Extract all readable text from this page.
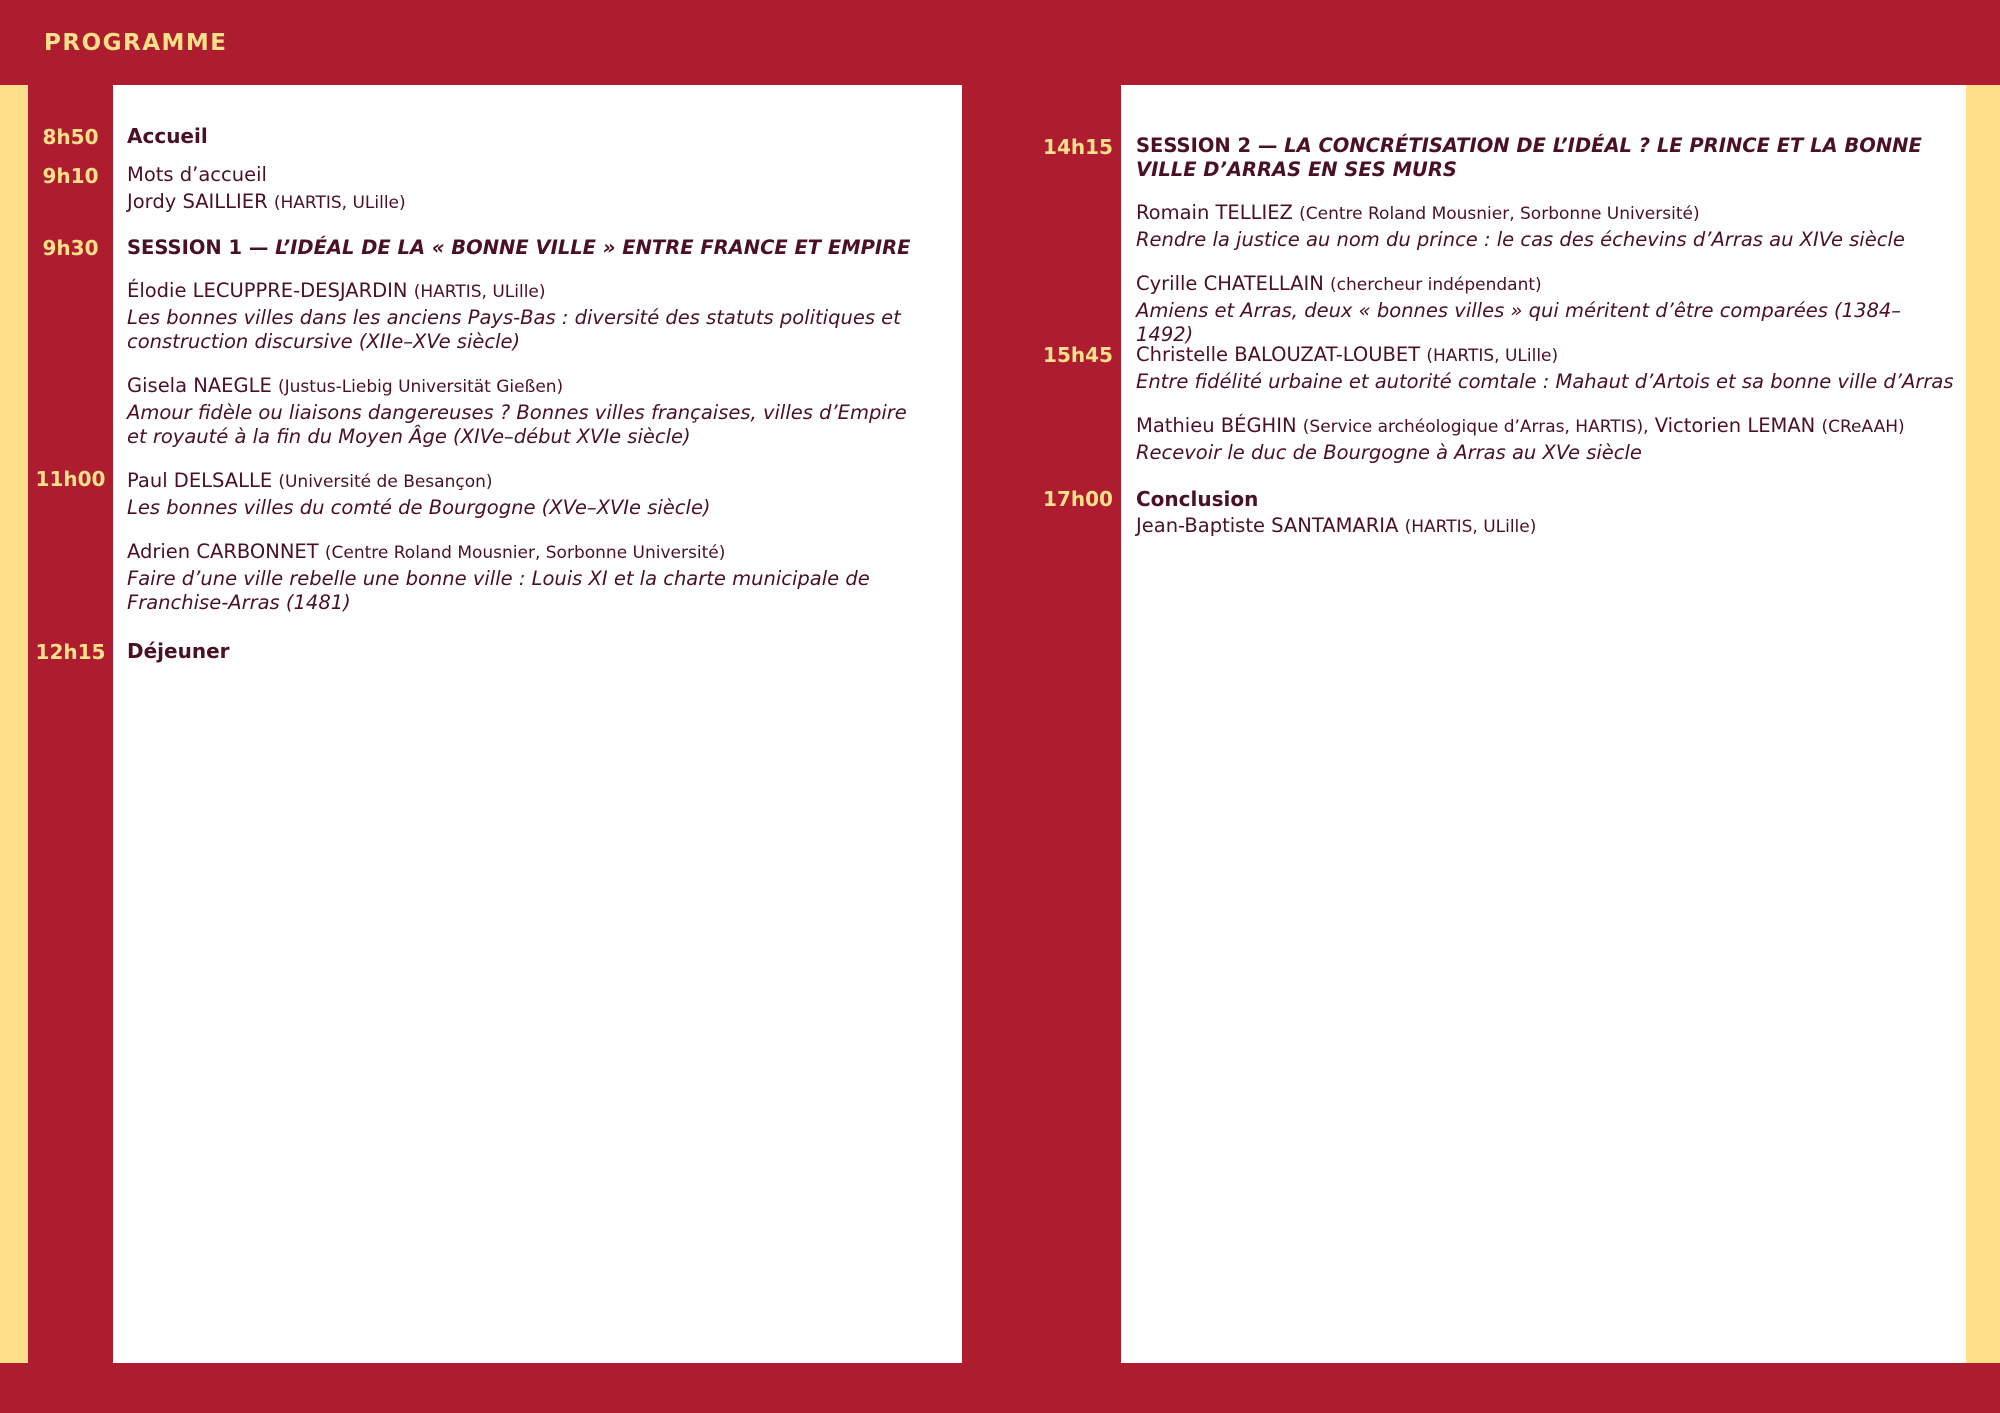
PROGRAMME
8h50
9h10
9h30
11h00
12h15
Accueil
Mots d’accueil
Jordy SAILLIER (HARTIS, ULille)
SESSION 1 — L’IDÉAL DE LA « BONNE VILLE » ENTRE FRANCE ET EMPIRE
Élodie LECUPPRE-DESJARDIN (HARTIS, ULille)
Les bonnes villes dans les anciens Pays-Bas : diversité des statuts politiques et
construction discursive (XIIe–XVe siècle)
Gisela NAEGLE (Justus-Liebig Universität Gießen)
Amour fidèle ou liaisons dangereuses ? Bonnes villes françaises, villes d’Empire
et royauté à la fin du Moyen Âge (XIVe–début XVIe siècle)
Paul DELSALLE (Université de Besançon)
Les bonnes villes du comté de Bourgogne (XVe–XVIe siècle)
Adrien CARBONNET (Centre Roland Mousnier, Sorbonne Université)
Faire d’une ville rebelle une bonne ville : Louis XI et la charte municipale de
Franchise-Arras (1481)
Déjeuner
14h15
15h45
17h00
SESSION 2 — LA CONCRÉTISATION DE L’IDÉAL ? LE PRINCE ET LA BONNE
VILLE D’ARRAS EN SES MURS
Romain TELLIEZ (Centre Roland Mousnier, Sorbonne Université)
Rendre la justice au nom du prince : le cas des échevins d’Arras au XIVe siècle
Cyrille CHATELLAIN (chercheur indépendant)
Amiens et Arras, deux « bonnes villes » qui méritent d’être comparées (1384–1492)
Christelle BALOUZAT-LOUBET (HARTIS, ULille)
Entre fidélité urbaine et autorité comtale : Mahaut d’Artois et sa bonne ville d’Arras
Mathieu BÉGHIN (Service archéologique d’Arras, HARTIS), Victorien LEMAN (CReAAH)
Recevoir le duc de Bourgogne à Arras au XVe siècle
Conclusion
Jean-Baptiste SANTAMARIA (HARTIS, ULille)
